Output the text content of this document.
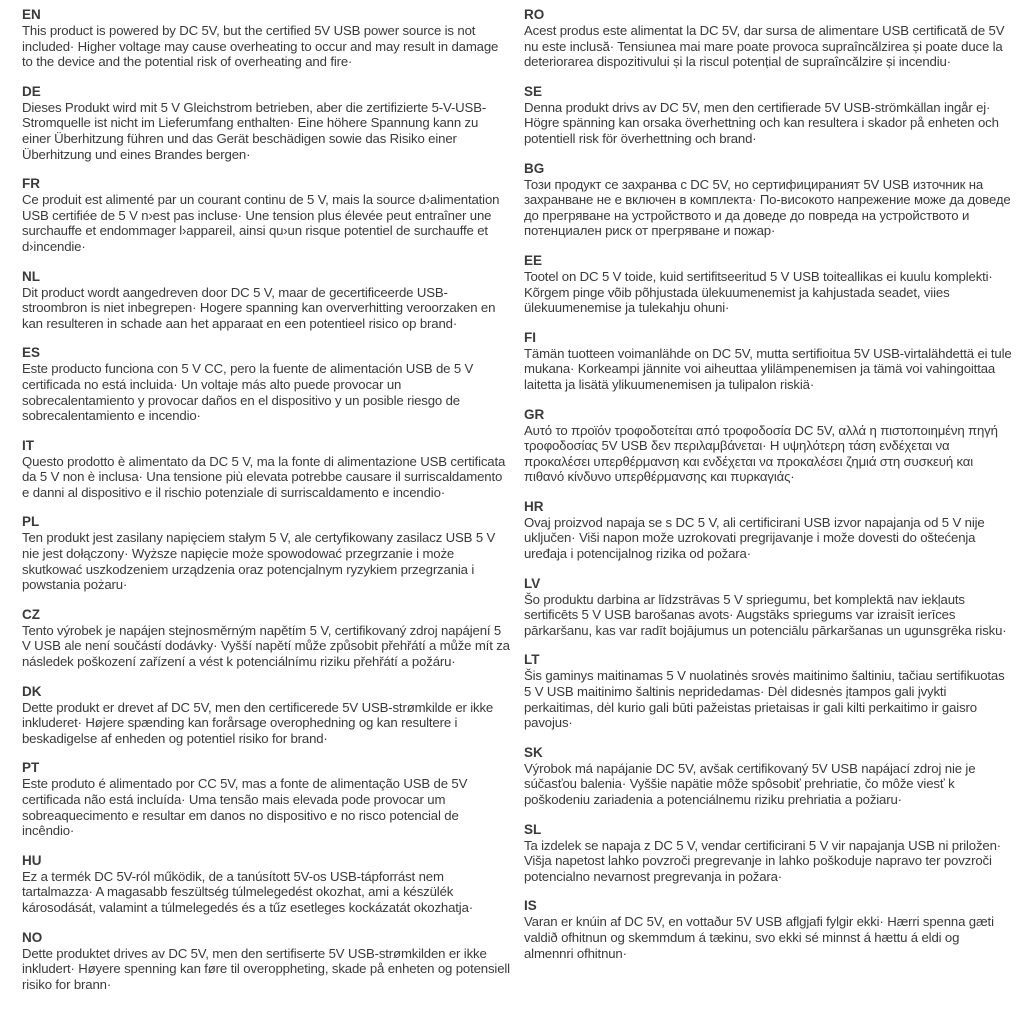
EN
This product is powered by DC 5V, but the certified 5V USB power source is not included· Higher voltage may cause overheating to occur and may result in damage to the device and the potential risk of overheating and fire·
DE
Dieses Produkt wird mit 5 V Gleichstrom betrieben, aber die zertifizierte 5-V-USB-Stromquelle ist nicht im Lieferumfang enthalten· Eine höhere Spannung kann zu einer Überhitzung führen und das Gerät beschädigen sowie das Risiko einer Überhitzung und eines Brandes bergen·
FR
Ce produit est alimenté par un courant continu de 5 V, mais la source d›alimentation USB certifiée de 5 V n›est pas incluse· Une tension plus élevée peut entraîner une surchauffe et endommager l›appareil, ainsi qu›un risque potentiel de surchauffe et d›incendie·
NL
Dit product wordt aangedreven door DC 5 V, maar de gecertificeerde USB-stroombron is niet inbegrepen· Hogere spanning kan oververhitting veroorzaken en kan resulteren in schade aan het apparaat en een potentieel risico op brand·
ES
Este producto funciona con 5 V CC, pero la fuente de alimentación USB de 5 V certificada no está incluida· Un voltaje más alto puede provocar un sobrecalentamiento y provocar daños en el dispositivo y un posible riesgo de sobrecalentamiento e incendio·
IT
Questo prodotto è alimentato da DC 5 V, ma la fonte di alimentazione USB certificata da 5 V non è inclusa· Una tensione più elevata potrebbe causare il surriscaldamento e danni al dispositivo e il rischio potenziale di surriscaldamento e incendio·
PL
Ten produkt jest zasilany napięciem stałym 5 V, ale certyfikowany zasilacz USB 5 V nie jest dołączony· Wyższe napięcie może spowodować przegrzanie i może skutkować uszkodzeniem urządzenia oraz potencjalnym ryzykiem przegrzania i powstania pożaru·
CZ
Tento výrobek je napájen stejnosměrným napětím 5 V, certifikovaný zdroj napájení 5 V USB ale není součástí dodávky· Vyšší napětí může způsobit přehřátí a může mít za následek poškození zařízení a vést k potenciálnímu riziku přehřátí a požáru·
DK
Dette produkt er drevet af DC 5V, men den certificerede 5V USB-strømkilde er ikke inkluderet· Højere spænding kan forårsage overophedning og kan resultere i beskadigelse af enheden og potentiel risiko for brand·
PT
Este produto é alimentado por CC 5V, mas a fonte de alimentação USB de 5V certificada não está incluída· Uma tensão mais elevada pode provocar um sobreaquecimento e resultar em danos no dispositivo e no risco potencial de incêndio·
HU
Ez a termék DC 5V-ról működik, de a tanúsított 5V-os USB-tápforrást nem tartalmazza· A magasabb feszültség túlmelegedést okozhat, ami a készülék károsodását, valamint a túlmelegedés és a tűz esetleges kockázatát okozhatja·
NO
Dette produktet drives av DC 5V, men den sertifiserte 5V USB-strømkilden er ikke inkludert· Høyere spenning kan føre til overoppheting, skade på enheten og potensiell risiko for brann·
RO
Acest produs este alimentat la DC 5V, dar sursa de alimentare USB certificată de 5V nu este inclusă· Tensiunea mai mare poate provoca supraîncălzirea și poate duce la deteriorarea dispozitivului și la riscul potențial de supraîncălzire și incendiu·
SE
Denna produkt drivs av DC 5V, men den certifierade 5V USB-strömkällan ingår ej· Högre spänning kan orsaka överhettning och kan resultera i skador på enheten och potentiell risk för överhettning och brand·
BG
Този продукт се захранва с DC 5V, но сертифицираният 5V USB източник на захранване не е включен в комплекта· По-високото напрежение може да доведе до прегряване на устройството и да доведе до повреда на устройството и потенциален риск от прегряване и пожар·
EE
Tootel on DC 5 V toide, kuid sertifitseeritud 5 V USB toiteallikas ei kuulu komplekti· Kõrgem pinge võib põhjustada ülekuumenemist ja kahjustada seadet, viies ülekuumenemise ja tulekahju ohuni·
FI
Tämän tuotteen voimanlähde on DC 5V, mutta sertifioitua 5V USB-virtalähdettä ei tule mukana· Korkeampi jännite voi aiheuttaa ylilämpenemisen ja tämä voi vahingoittaa laitetta ja lisätä ylikuumenemisen ja tulipalon riskiä·
GR
Αυτό το προϊόν τροφοδοτείται από τροφοδοσία DC 5V, αλλά η πιστοποιημένη πηγή τροφοδοσίας 5V USB δεν περιλαμβάνεται· Η υψηλότερη τάση ενδέχεται να προκαλέσει υπερθέρμανση και ενδέχεται να προκαλέσει ζημιά στη συσκευή και πιθανό κίνδυνο υπερθέρμανσης και πυρκαγιάς·
HR
Ovaj proizvod napaja se s DC 5 V, ali certificirani USB izvor napajanja od 5 V nije uključen· Viši napon može uzrokovati pregrijavanje i može dovesti do oštećenja uređaja i potencijalnog rizika od požara·
LV
Šo produktu darbina ar līdzstrāvas 5 V spriegumu, bet komplektā nav iekļauts sertificēts 5 V USB barošanas avots· Augstāks spriegums var izraisīt ierīces pārkaršanu, kas var radīt bojājumus un potenciālu pārkaršanas un ugunsgrēka risku·
LT
Šis gaminys maitinamas 5 V nuolatinės srovės maitinimo šaltiniu, tačiau sertifikuotas 5 V USB maitinimo šaltinis nepridedamas· Dėl didesnės įtampos gali įvykti perkaitimas, dėl kurio gali būti pažeistas prietaisas ir gali kilti perkaitimo ir gaisro pavojus·
SK
Výrobok má napájanie DC 5V, avšak certifikovaný 5V USB napájací zdroj nie je súčasťou balenia· Vyššie napätie môže spôsobiť prehriatie, čo môže viesť k poškodeniu zariadenia a potenciálnemu riziku prehriatia a požiaru·
SL
Ta izdelek se napaja z DC 5 V, vendar certificirani 5 V vir napajanja USB ni priložen· Višja napetost lahko povzroči pregrevanje in lahko poškoduje napravo ter povzroči potencialno nevarnost pregrevanja in požara·
IS
Varan er knúin af DC 5V, en vottaður 5V USB aflgjafi fylgir ekki· Hærri spenna gæti valdið ofhitnun og skemmdum á tækinu, svo ekki sé minnst á hættu á eldi og almennri ofhitnun·
